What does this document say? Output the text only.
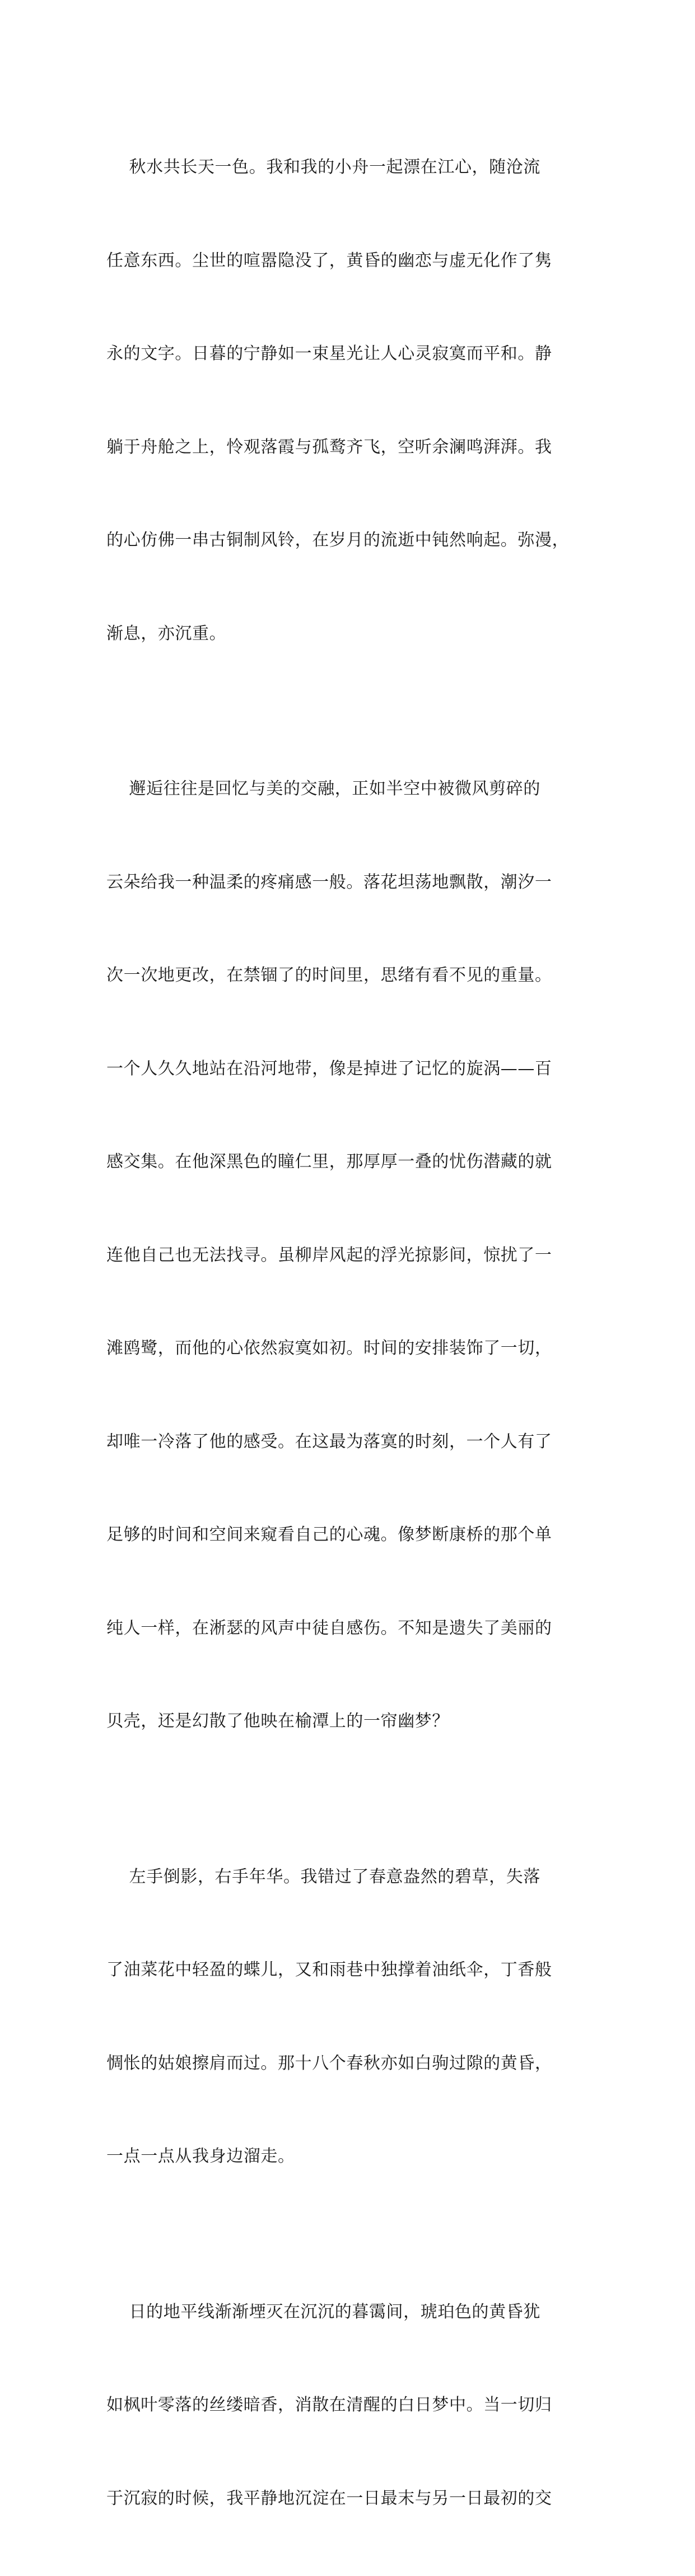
秋水共长天一色。我和我的小舟一起漂在江心，随沧流

任意东西。尘世的喧嚣隐没了，黄昏的幽恋与虚无化作了隽

永的文字。日暮的宁静如一束星光让人心灵寂寞而平和。静

躺于舟舱之上，怜观落霞与孤鹜齐飞，空听余澜鸣湃湃。我

的心仿佛一串古铜制风铃，在岁月的流逝中钝然响起。弥漫，

渐息，亦沉重。

邂逅往往是回忆与美的交融，正如半空中被微风剪碎的

云朵给我一种温柔的疼痛感一般。落花坦荡地飘散，潮汐一

次一次地更改，在禁锢了的时间里，思绪有看不见的重量。

一个人久久地站在沿河地带，像是掉进了记忆的旋涡——百

感交集。在他深黑色的瞳仁里，那厚厚一叠的忧伤潜藏的就

连他自己也无法找寻。虽柳岸风起的浮光掠影间，惊扰了一

滩鸥鹭，而他的心依然寂寞如初。时间的安排装饰了一切，

却唯一冷落了他的感受。在这最为落寞的时刻，一个人有了

足够的时间和空间来窥看自己的心魂。像梦断康桥的那个单

纯人一样，在淅瑟的风声中徒自感伤。不知是遗失了美丽的

贝壳，还是幻散了他映在榆潭上的一帘幽梦？

左手倒影，右手年华。我错过了春意盎然的碧草，失落

了油菜花中轻盈的蝶儿，又和雨巷中独撑着油纸伞，丁香般

惆怅的姑娘擦肩而过。那十八个春秋亦如白驹过隙的黄昏，

一点一点从我身边溜走。

日的地平线渐渐堙灭在沉沉的暮霭间，琥珀色的黄昏犹

如枫叶零落的丝缕暗香，消散在清醒的白日梦中。当一切归

于沉寂的时候，我平静地沉淀在一日最末与另一日最初的交
